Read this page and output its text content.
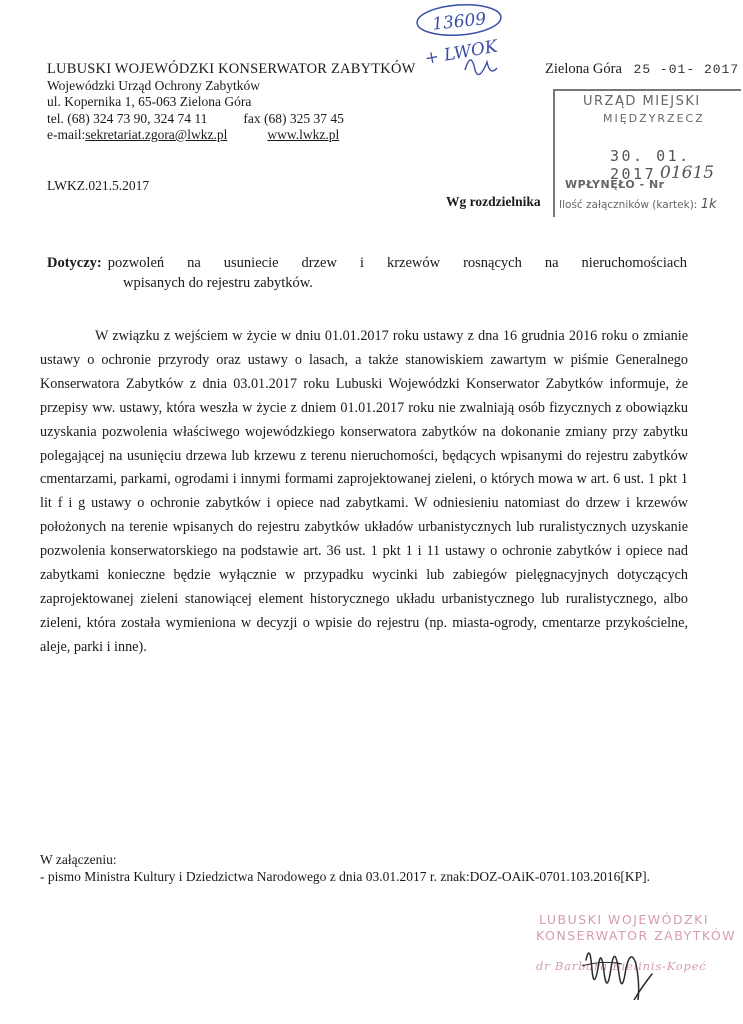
13609
+ LWOK
LUBUSKI WOJEWÓDZKI KONSERWATOR ZABYTKÓW
Wojewódzki Urząd Ochrony Zabytków
ul. Kopernika 1, 65-063 Zielona Góra
tel. (68) 324 73 90, 324 74 11	fax (68) 325 37 45
e-mail: sekretariat.zgora@lwkz.pl	www.lwkz.pl
Zielona Góra 25 -01- 2017
URZĄD MIEJSKI
MIĘDZYRZECZ
30. 01. 2017
WPŁYNĘŁO - Nr
01615
Ilość załączników (kartek): 1k
LWKZ.021.5.2017
Wg rozdzielnika
Dotyczy: pozwoleń na usuniecie drzew i krzewów rosnących na nieruchomościach
wpisanych do rejestru zabytków.
W związku z wejściem w życie w dniu 01.01.2017 roku ustawy z dna 16 grudnia 2016 roku o zmianie ustawy o ochronie przyrody oraz ustawy o lasach, a także stanowiskiem zawartym w piśmie Generalnego Konserwatora Zabytków z dnia 03.01.2017 roku Lubuski Wojewódzki Konserwator Zabytków informuje, że przepisy ww. ustawy, która weszła w życie z dniem 01.01.2017 roku nie zwalniają osób fizycznych z obowiązku uzyskania pozwolenia właściwego wojewódzkiego konserwatora zabytków na dokonanie zmiany przy zabytku polegającej na usunięciu drzewa lub krzewu z terenu nieruchomości, będących wpisanymi do rejestru zabytków cmentarzami, parkami, ogrodami i innymi formami zaprojektowanej zieleni, o których mowa w art. 6 ust. 1 pkt 1 lit f i g ustawy o ochronie zabytków i opiece nad zabytkami. W odniesieniu natomiast do drzew i krzewów położonych na terenie wpisanych do rejestru zabytków układów urbanistycznych lub ruralistycznych uzyskanie pozwolenia konserwatorskiego na podstawie art. 36 ust. 1 pkt 1 i 11 ustawy o ochronie zabytków i opiece nad zabytkami konieczne będzie wyłącznie w przypadku wycinki lub zabiegów pielęgnacyjnych dotyczących zaprojektowanej zieleni stanowiącej element historycznego układu urbanistycznego lub ruralistycznego, albo zieleni, która została wymieniona w decyzji o wpisie do rejestru (np. miasta-ogrody, cmentarze przykościelne, aleje, parki i inne).
W załączeniu:
- pismo Ministra Kultury i Dziedzictwa Narodowego z dnia 03.01.2017 r. znak:DOZ-OAiK-0701.103.2016[KP].
LUBUSKI WOJEWÓDZKI
KONSERWATOR ZABYTKÓW
dr Barbara Bielinis-Kopeć
